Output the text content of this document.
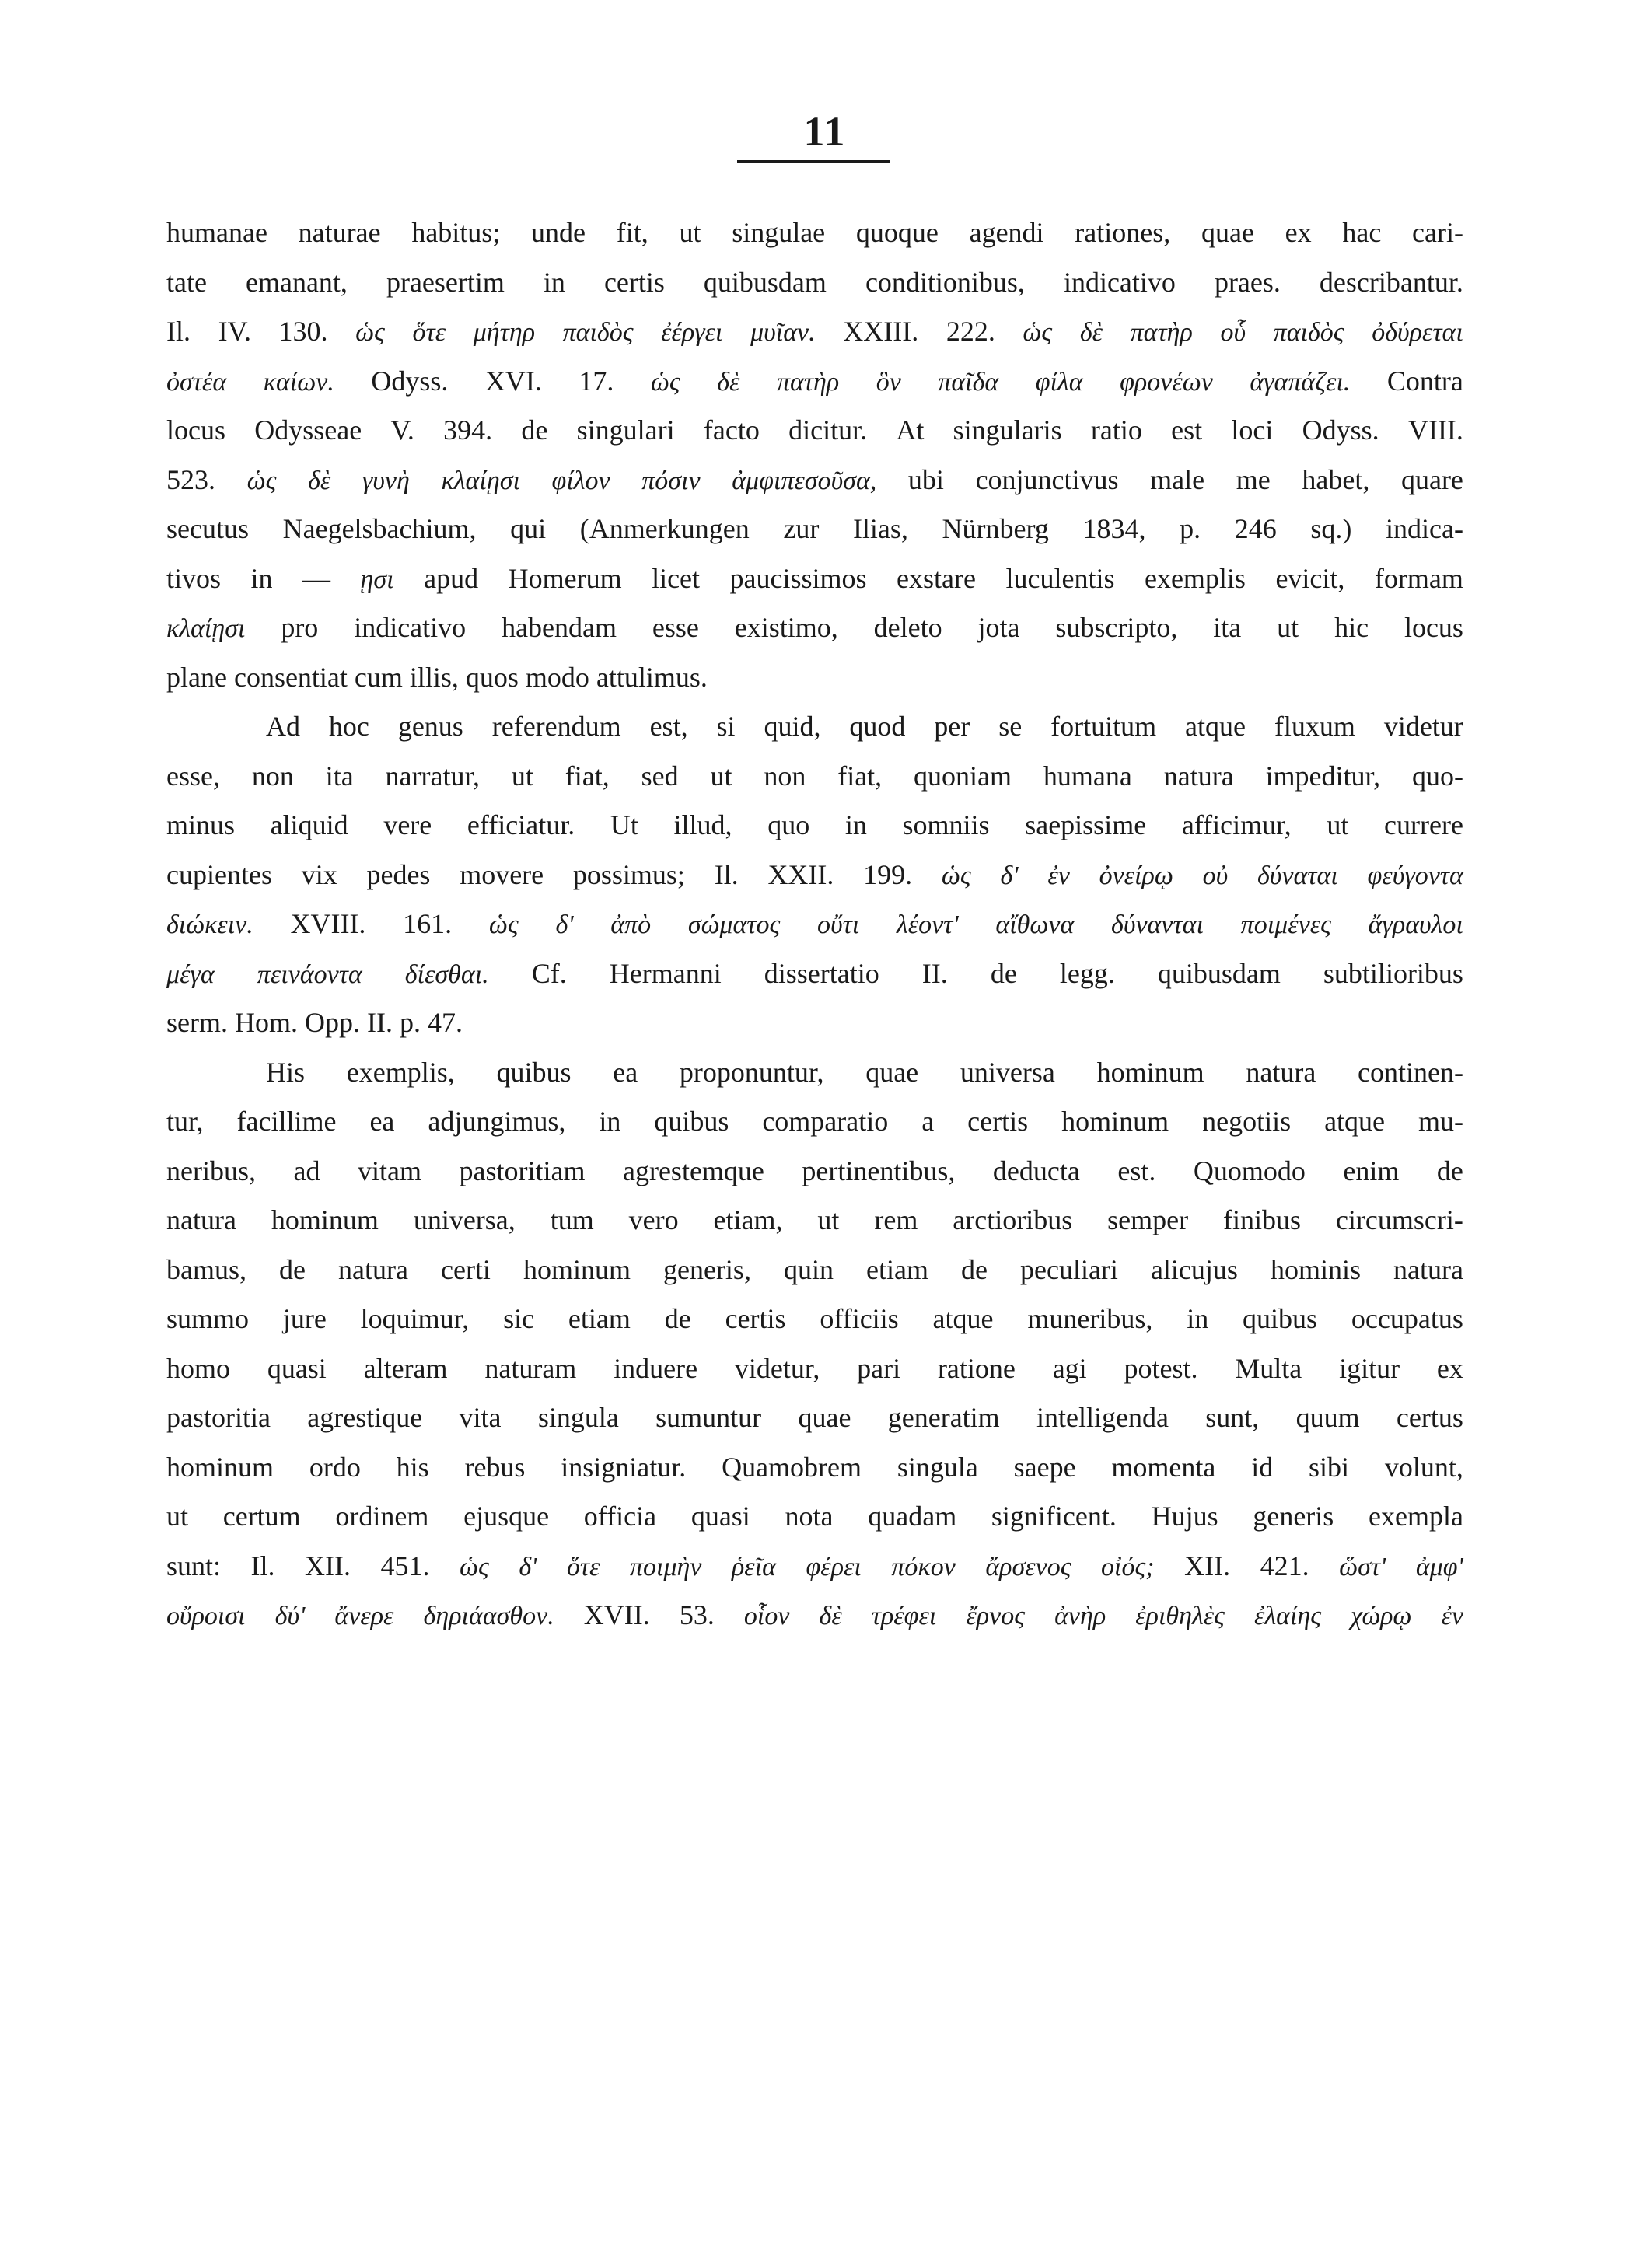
11
humanae naturae habitus; unde fit, ut singulae quoque agendi rationes, quae ex hac cari-
tate emanant, praesertim in certis quibusdam conditionibus, indicativo praes. describantur.
Il. IV. 130. ὡς ὅτε μήτηρ παιδὸς ἐέργει μυῖαν. XXIII. 222. ὡς δὲ πατὴρ οὗ παιδὸς ὀδύρεται
ὀστέα καίων. Odyss. XVI. 17. ὡς δὲ πατὴρ ὃν παῖδα φίλα φρονέων ἀγαπάζει. Contra
locus Odysseae V. 394. de singulari facto dicitur. At singularis ratio est loci Odyss. VIII.
523. ὡς δὲ γυνὴ κλαίῃσι φίλον πόσιν ἀμφιπεσοῦσα, ubi conjunctivus male me habet, quare
secutus Naegelsbachium, qui (Anmerkungen zur Ilias, Nürnberg 1834, p. 246 sq.) indica-
tivos in — ῃσι apud Homerum licet paucissimos exstare luculentis exemplis evicit, formam
κλαίῃσι pro indicativo habendam esse existimo, deleto jota subscripto, ita ut hic locus
plane consentiat cum illis, quos modo attulimus.
Ad hoc genus referendum est, si quid, quod per se fortuitum atque fluxum videtur
esse, non ita narratur, ut fiat, sed ut non fiat, quoniam humana natura impeditur, quo-
minus aliquid vere efficiatur. Ut illud, quo in somniis saepissime afficimur, ut currere
cupientes vix pedes movere possimus; Il. XXII. 199. ὡς δ' ἐν ὀνείρῳ οὐ δύναται φεύγοντα
διώκειν. XVIII. 161. ὡς δ' ἀπὸ σώματος οὔτι λέοντ' αἴθωνα δύνανται ποιμένες ἄγραυλοι
μέγα πεινάοντα δίεσθαι. Cf. Hermanni dissertatio II. de legg. quibusdam subtilioribus
serm. Hom. Opp. II. p. 47.
His exemplis, quibus ea proponuntur, quae universa hominum natura continen-
tur, facillime ea adjungimus, in quibus comparatio a certis hominum negotiis atque mu-
neribus, ad vitam pastoritiam agrestemque pertinentibus, deducta est. Quomodo enim de
natura hominum universa, tum vero etiam, ut rem arctioribus semper finibus circumscri-
bamus, de natura certi hominum generis, quin etiam de peculiari alicujus hominis natura
summo jure loquimur, sic etiam de certis officiis atque muneribus, in quibus occupatus
homo quasi alteram naturam induere videtur, pari ratione agi potest. Multa igitur ex
pastoritia agrestique vita singula sumuntur quae generatim intelligenda sunt, quum certus
hominum ordo his rebus insigniatur. Quamobrem singula saepe momenta id sibi volunt,
ut certum ordinem ejusque officia quasi nota quadam significent. Hujus generis exempla
sunt: Il. XII. 451. ὡς δ' ὅτε ποιμὴν ῥεῖα φέρει πόκον ἄρσενος οἰός; XII. 421. ὥστ' ἀμφ'
οὔροισι δύ' ἄνερε δηριάασθον. XVII. 53. οἷον δὲ τρέφει ἔρνος ἀνὴρ ἐριθηλὲς ἐλαίης χώρῳ ἐν
